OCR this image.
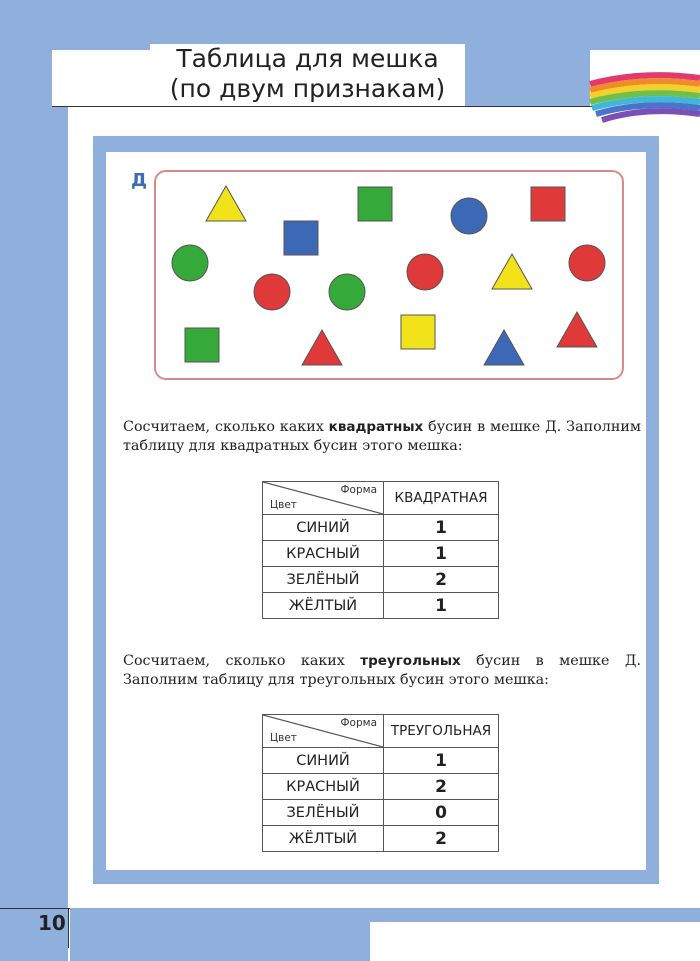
Таблица для мешка
(по двум признакам)
Д
Сосчитаем, сколько каких квадратных бусин в мешке Д. Заполним таблицу для квадратных бусин этого мешка:
Форма
Цвет	КВАДРАТНАЯ
СИНИЙ	1
КРАСНЫЙ	1
ЗЕЛЁНЫЙ	2
ЖЁЛТЫЙ	1
Сосчитаем, сколько каких треугольных бусин в мешке Д. Заполним таблицу для треугольных бусин этого мешка:
Форма
Цвет	ТРЕУГОЛЬНАЯ
СИНИЙ	1
КРАСНЫЙ	2
ЗЕЛЁНЫЙ	0
ЖЁЛТЫЙ	2
10
